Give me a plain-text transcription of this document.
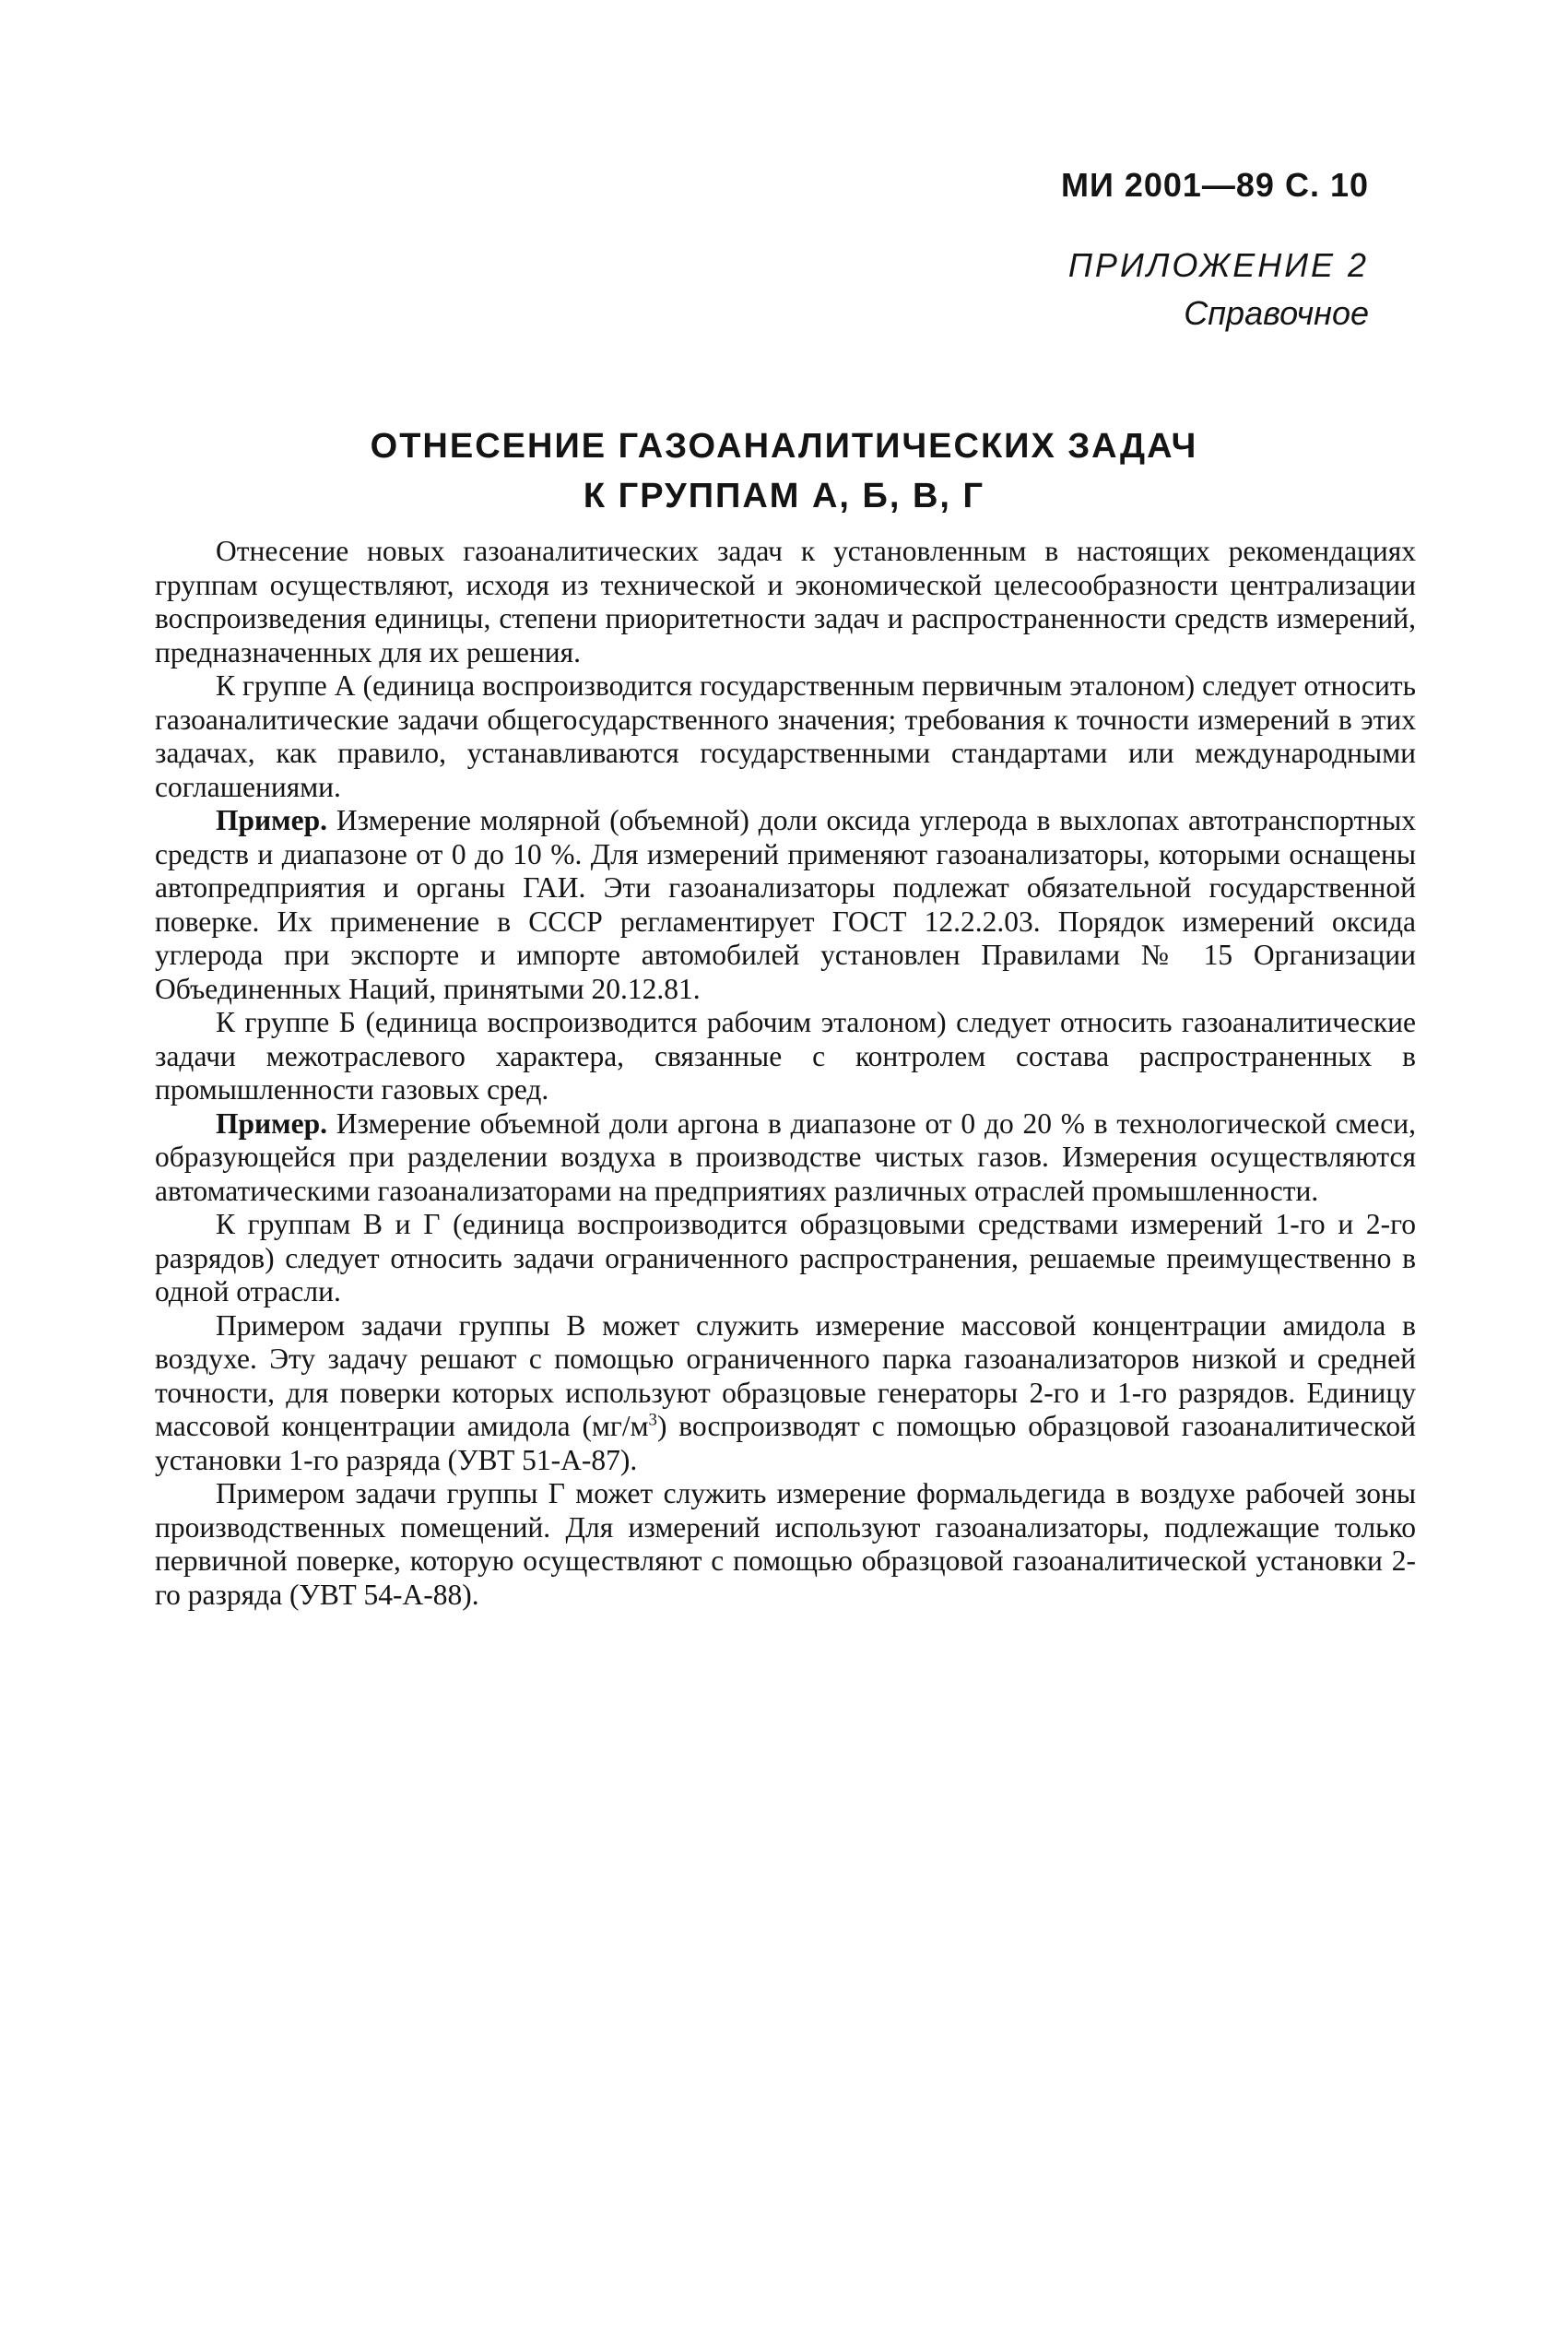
МИ 2001—89 С. 10
ПРИЛОЖЕНИЕ 2
Справочное
ОТНЕСЕНИЕ ГАЗОАНАЛИТИЧЕСКИХ ЗАДАЧ
К ГРУППАМ А, Б, В, Г

Отнесение новых газоаналитических задач к установленным в настоящих рекомендациях группам осуществляют, исходя из технической и экономической целесообразности централизации воспроизведения единицы, степени приоритетности задач и распространенности средств измерений, предназначенных для их решения.

К группе А (единица воспроизводится государственным первичным эталоном) следует относить газоаналитические задачи общегосударственного значения; требования к точности измерений в этих задачах, как правило, устанавливаются государственными стандартами или международными соглашениями.

Пример. Измерение молярной (объемной) доли оксида углерода в выхлопах автотранспортных средств и диапазоне от 0 до 10 %. Для измерений применяют газоанализаторы, которыми оснащены автопредприятия и органы ГАИ. Эти газоанализаторы подлежат обязательной государственной поверке. Их применение в СССР регламентирует ГОСТ 12.2.2.03. Порядок измерений оксида углерода при экспорте и импорте автомобилей установлен Правилами № 15 Организации Объединенных Наций, принятыми 20.12.81.

К группе Б (единица воспроизводится рабочим эталоном) следует относить газоаналитические задачи межотраслевого характера, связанные с контролем состава распространенных в промышленности газовых сред.

Пример. Измерение объемной доли аргона в диапазоне от 0 до 20 % в технологической смеси, образующейся при разделении воздуха в производстве чистых газов. Измерения осуществляются автоматическими газоанализаторами на предприятиях различных отраслей промышленности.

К группам В и Г (единица воспроизводится образцовыми средствами измерений 1-го и 2-го разрядов) следует относить задачи ограниченного распространения, решаемые преимущественно в одной отрасли.

Примером задачи группы В может служить измерение массовой концентрации амидола в воздухе. Эту задачу решают с помощью ограниченного парка газоанализаторов низкой и средней точности, для поверки которых используют образцовые генераторы 2-го и 1-го разрядов. Единицу массовой концентрации амидола $(мг/м^3)$ воспроизводят с помощью образцовой газоаналитической установки 1-го разряда (УВТ 51-А-87).

Примером задачи группы Г может служить измерение формальдегида в воздухе рабочей зоны производственных помещений. Для измерений используют газоанализаторы, подлежащие только первичной поверке, которую осуществляют с помощью образцовой газоаналитической установки 2-го разряда (УВТ 54-А-88).
